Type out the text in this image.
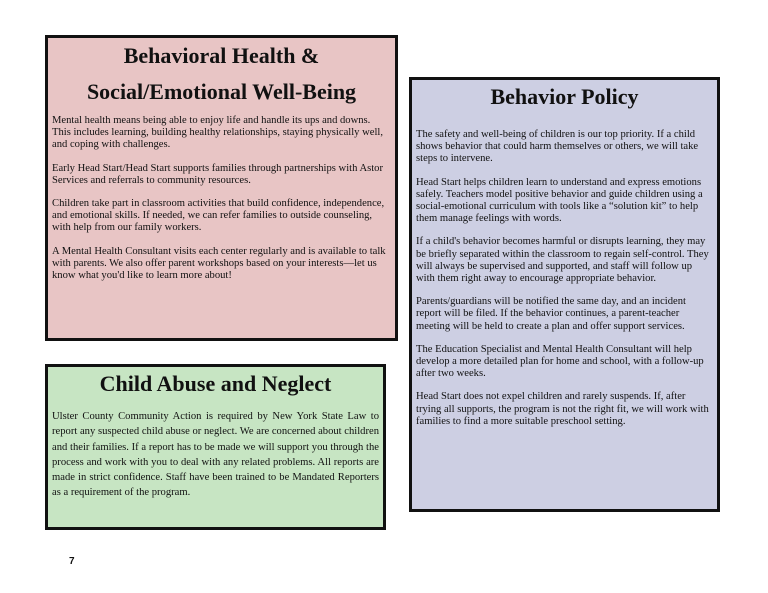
Behavioral Health &
Social/Emotional Well-Being

Mental health means being able to enjoy life and handle its ups and downs. This includes learning, building healthy relationships, staying physically well, and coping with challenges.

Early Head Start/Head Start supports families through partnerships with Astor Services and referrals to community resources.

Children take part in classroom activities that build confidence, independence, and emotional skills. If needed, we can refer families to outside counseling, with help from our family workers.

A Mental Health Consultant visits each center regularly and is available to talk with parents. We also offer parent workshops based on your interests—let us know what you'd like to learn more about!

Child Abuse and Neglect

Ulster County Community Action is required by New York State Law to report any suspected child abuse or neglect. We are concerned about children and their families. If a report has to be made we will support you through the process and work with you to deal with any related problems. All reports are made in strict confidence. Staff have been trained to be Mandated Reporters as a requirement of the program.

Behavior Policy

The safety and well-being of children is our top priority. If a child shows behavior that could harm themselves or others, we will take steps to intervene.

Head Start helps children learn to understand and express emotions safely. Teachers model positive behavior and guide children using a social-emotional curriculum with tools like a “solution kit” to help them manage feelings with words.

If a child's behavior becomes harmful or disrupts learning, they may be briefly separated within the classroom to regain self-control. They will always be supervised and supported, and staff will follow up with them right away to encourage appropriate behavior.

Parents/guardians will be notified the same day, and an incident report will be filed. If the behavior continues, a parent-teacher meeting will be held to create a plan and offer support services.

The Education Specialist and Mental Health Consultant will help develop a more detailed plan for home and school, with a follow-up after two weeks.

Head Start does not expel children and rarely suspends. If, after trying all supports, the program is not the right fit, we will work with families to find a more suitable preschool setting.

7
